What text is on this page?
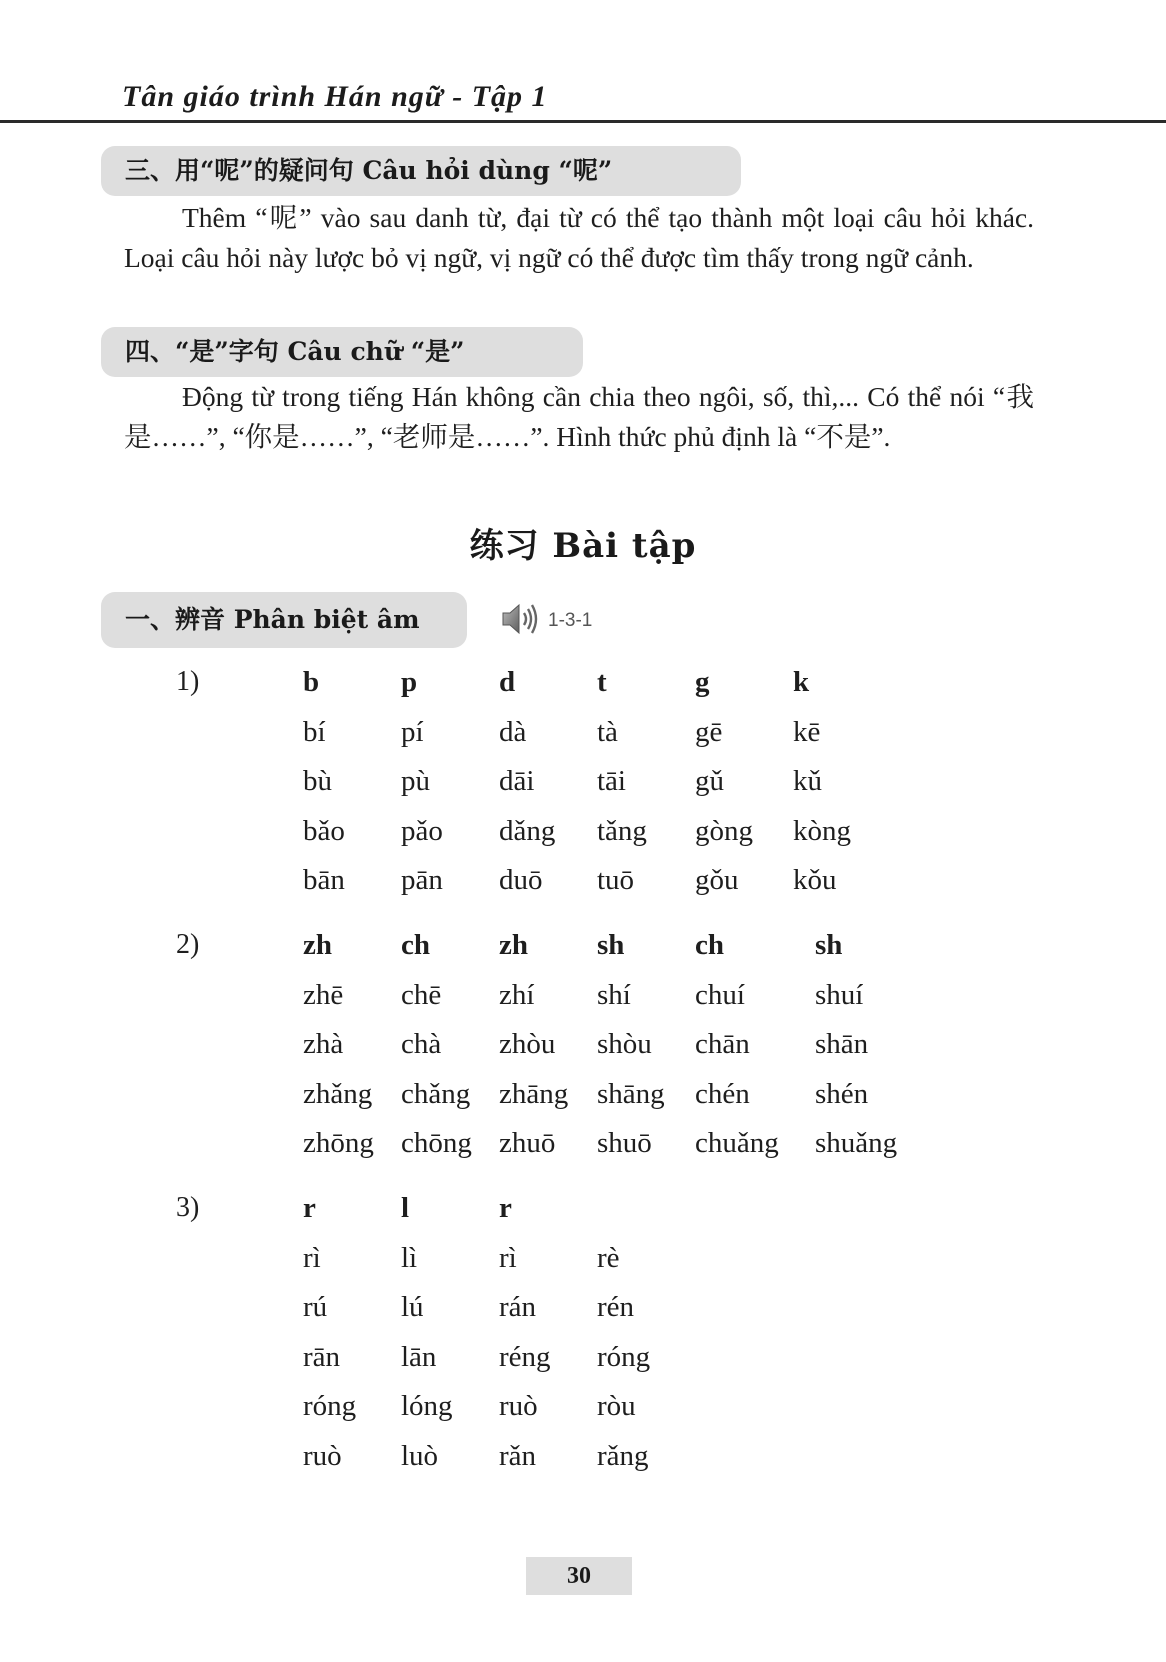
Tân giáo trình Hán ngữ - Tập 1
三、用“呢”的疑问句 Câu hỏi dùng “呢”
Thêm “呢” vào sau danh từ, đại từ có thể tạo thành một loại câu hỏi khác. Loại câu hỏi này lược bỏ vị ngữ, vị ngữ có thể được tìm thấy trong ngữ cảnh.
四、“是”字句 Câu chữ “是”
Động từ trong tiếng Hán không cần chia theo ngôi, số, thì,... Có thể nói “我是……”, “你是……”, “老师是……”. Hình thức phủ định là “不是”.
练习 Bài tập
一、辨音 Phân biệt âm	1-3-1
1)	b	p	d	t	g	k
bí	pí	dà tà	gē kē
bù pù dāi tāi gǔ kǔ
bǎo pǎo dǎng tǎng gòng kòng
bān pān duō tuō gǒu kǒu
2)	zh ch zh sh ch	sh
zhē chē zhí shí chuí shuí
zhà chà zhòu shòu chān shān
zhǎng chǎng zhāng shāng chén shén
zhōng chōng zhuō shuō chuǎng shuǎng
3)	r	l	r
rì	lì	rì	rè
rú	lú	rán rén
rān lān réng róng
róng lóng ruò ròu
ruò luò rǎn rǎng
30
